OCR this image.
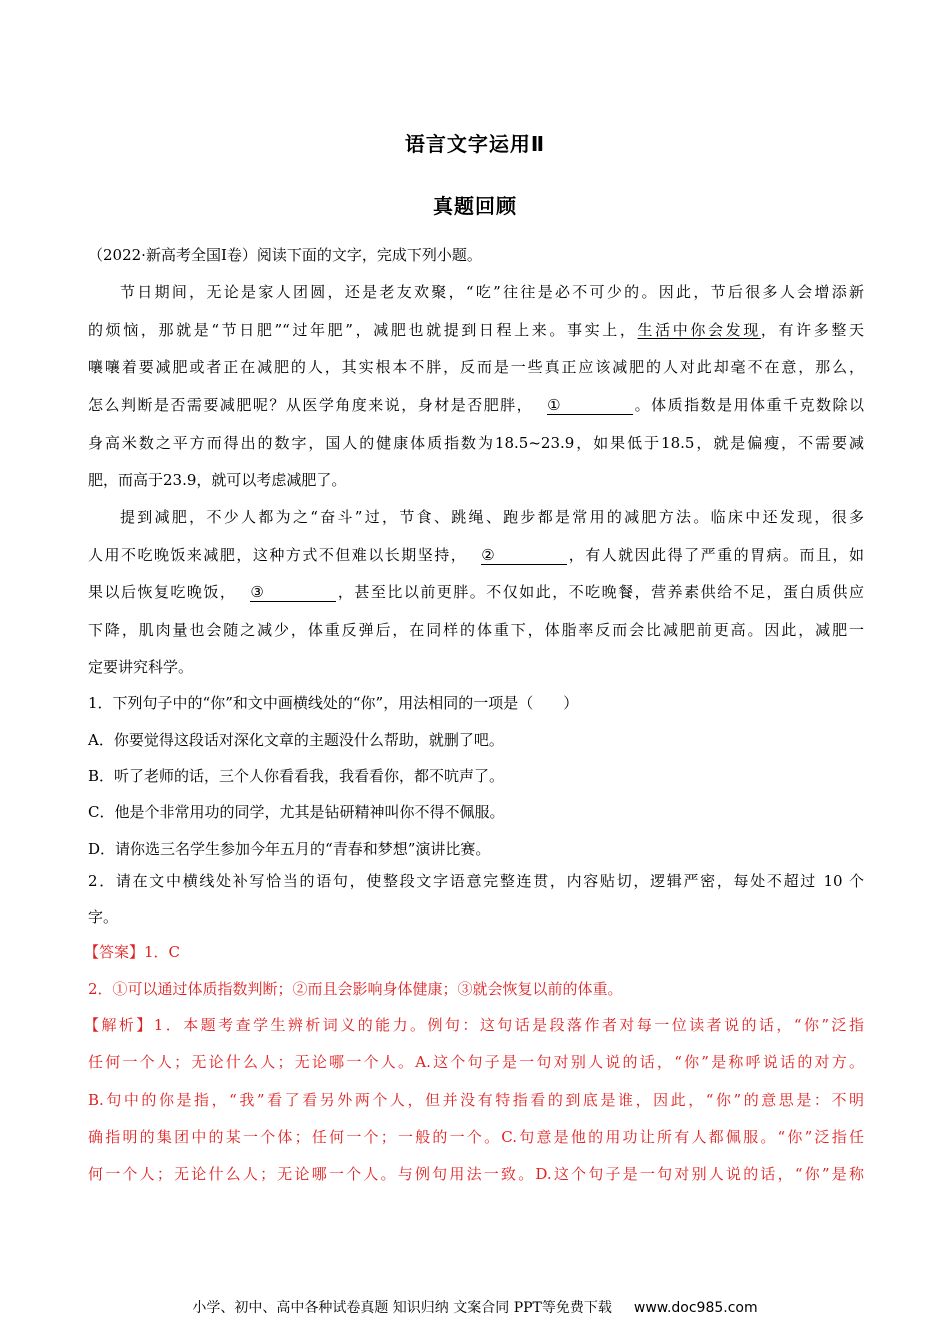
语言文字运用Ⅱ
真题回顾
（2022·新高考全国Ⅰ卷）阅读下面的文字，完成下列小题。
节日期间，无论是家人团圆，还是老友欢聚，“吃”往往是必不可少的。因此，节后很多人会增添新
的烦恼，那就是“节日肥”“过年肥”，减肥也就提到日程上来。事实上，生活中你会发现，有许多整天
嚷嚷着要减肥或者正在减肥的人，其实根本不胖，反而是一些真正应该减肥的人对此却毫不在意，那么，
怎么判断是否需要减肥呢？从医学角度来说，身材是否肥胖， ①	。体质指数是用体重千克数除以
身高米数之平方而得出的数字，国人的健康体质指数为18.5~23.9，如果低于18.5，就是偏瘦，不需要减
肥，而高于23.9，就可以考虑减肥了。
提到减肥，不少人都为之“奋斗”过，节食、跳绳、跑步都是常用的减肥方法。临床中还发现，很多
人用不吃晚饭来减肥，这种方式不但难以长期坚持， ②	，有人就因此得了严重的胃病。而且，如
果以后恢复吃晚饭， ③	，甚至比以前更胖。不仅如此，不吃晚餐，营养素供给不足，蛋白质供应
下降，肌肉量也会随之减少，体重反弹后，在同样的体重下，体脂率反而会比减肥前更高。因此，减肥一
定要讲究科学。
1．下列句子中的“你”和文中画横线处的“你”，用法相同的一项是（　　）
A．你要觉得这段话对深化文章的主题没什么帮助，就删了吧。
B．听了老师的话，三个人你看看我，我看看你，都不吭声了。
C．他是个非常用功的同学，尤其是钻研精神叫你不得不佩服。
D．请你选三名学生参加今年五月的“青春和梦想”演讲比赛。
2．请在文中横线处补写恰当的语句，使整段文字语意完整连贯，内容贴切，逻辑严密，每处不超过 10 个
字。
【答案】1．C
2．①可以通过体质指数判断；②而且会影响身体健康；③就会恢复以前的体重。
【解析】1．本题考查学生辨析词义的能力。例句：这句话是段落作者对每一位读者说的话，“你”泛指
任何一个人；无论什么人；无论哪一个人。A.这个句子是一句对别人说的话，“你”是称呼说话的对方。
B.句中的你是指，“我”看了看另外两个人，但并没有特指看的到底是谁，因此，“你”的意思是：不明
确指明的集团中的某一个体；任何一个；一般的一个。C.句意是他的用功让所有人都佩服。“你”泛指任
何一个人；无论什么人；无论哪一个人。与例句用法一致。D.这个句子是一句对别人说的话，“你”是称
小学、初中、高中各种试卷真题 知识归纳 文案合同 PPT等免费下载 www.doc985.com
